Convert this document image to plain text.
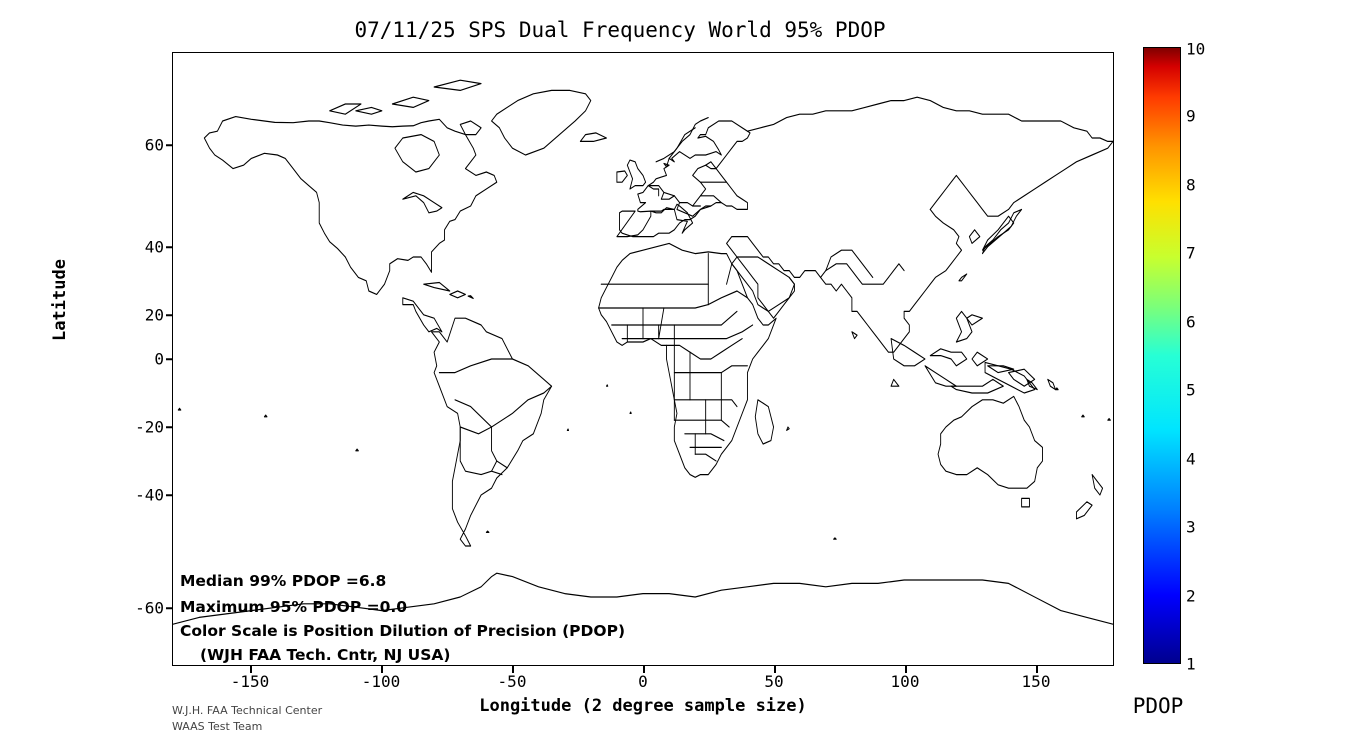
07/11/25 SPS Dual Frequency World 95% PDOP
Latitude
60
40
20
0
-20
-40
-60
Median 99% PDOP =6.8
Maximum 95% PDOP =0.0
Color Scale is Position Dilution of Precision (PDOP)
(WJH FAA Tech. Cntr, NJ USA)
-150	-100	-50	0	50	100	150
Longitude (2 degree sample size)
W.J.H. FAA Technical Center
WAAS Test Team
1
2
3
4
5
6
7
8
9
10
PDOP
